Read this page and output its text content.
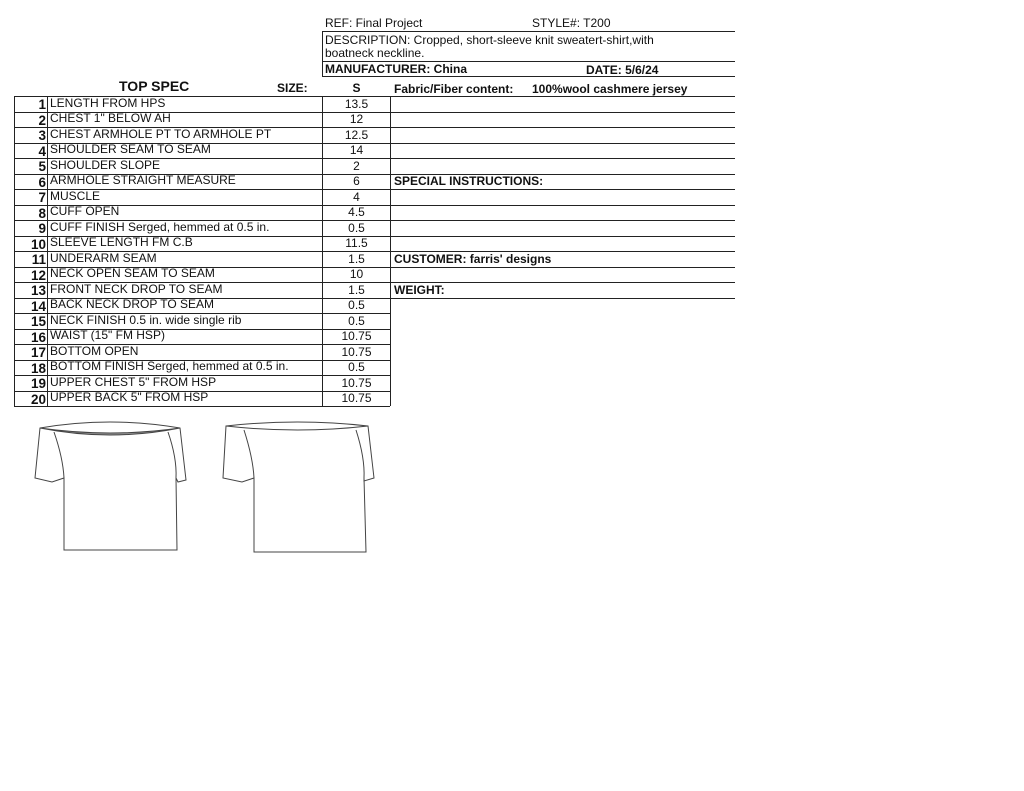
REF: Final Project	STYLE#: T200
DESCRIPTION: Cropped, short-sleeve knit sweatert-shirt,with
boatneck neckline.
MANUFACTURER: China	DATE: 5/6/24
TOP SPEC	SIZE:	S	Fabric/Fiber content: 100%wool cashmere jersey
1 LENGTH FROM HPS	13.5
2 CHEST 1" BELOW AH	12
3 CHEST ARMHOLE PT TO ARMHOLE PT	12.5
4 SHOULDER SEAM TO SEAM	14
5 SHOULDER SLOPE	2
6 ARMHOLE STRAIGHT MEASURE	6
7 MUSCLE	4
8 CUFF OPEN	4.5
9 CUFF FINISH Serged, hemmed at 0.5 in.	0.5
10 SLEEVE LENGTH FM C.B	11.5
11 UNDERARM SEAM	1.5
12 NECK OPEN SEAM TO SEAM	10
13 FRONT NECK DROP TO SEAM	1.5
14 BACK NECK DROP TO SEAM	0.5
15 NECK FINISH 0.5 in. wide single rib	0.5
16 WAIST (15" FM HSP)	10.75
17 BOTTOM OPEN	10.75
18 BOTTOM FINISH Serged, hemmed at 0.5 in.	0.5
19 UPPER CHEST 5" FROM HSP	10.75
20 UPPER BACK 5" FROM HSP	10.75
SPECIAL INSTRUCTIONS:
CUSTOMER: farris' designs
WEIGHT:
